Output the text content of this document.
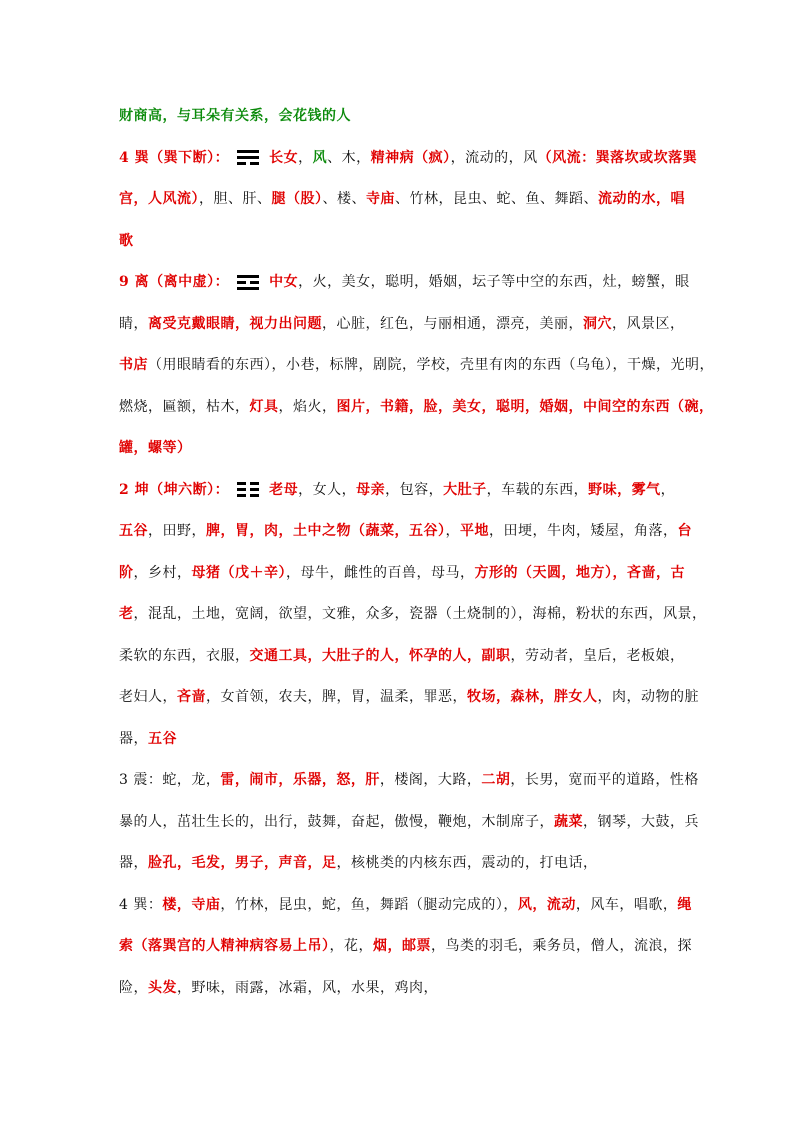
财商高，与耳朵有关系，会花钱的人
4 巽（巽下断）：	长女，风、木，精神病（疯），流动的，风（风流：巽落坎或坎落巽
宫，人风流），胆、肝、腿（股）、楼、寺庙、竹林，昆虫、蛇、鱼、舞蹈、流动的水，唱
歌
9 离（离中虚）：	中女，火，美女，聪明，婚姻，坛子等中空的东西，灶，螃蟹，眼
睛，离受克戴眼睛，视力出问题，心脏，红色，与丽相通，漂亮，美丽，洞穴，风景区，
书店（用眼睛看的东西），小巷，标牌，剧院，学校，壳里有肉的东西（乌龟），干燥，光明，
燃烧，匾额，枯木，灯具，焰火，图片，书籍，脸，美女，聪明，婚姻，中间空的东西（碗，
罐，螺等）
2 坤（坤六断）：	老母，女人，母亲，包容，大肚子，车载的东西，野味，雾气，
五谷，田野，脾，胃，肉，土中之物（蔬菜，五谷），平地，田埂，牛肉，矮屋，角落，台
阶，乡村，母猪（戊＋辛），母牛，雌性的百兽，母马，方形的（天圆，地方），吝啬，古
老，混乱，土地，宽阔，欲望，文雅，众多，瓷器（土烧制的），海棉，粉状的东西，风景，
柔软的东西，衣服，交通工具，大肚子的人，怀孕的人，副职，劳动者，皇后，老板娘，
老妇人，吝啬，女首领，农夫，脾，胃，温柔，罪恶，牧场，森林，胖女人，肉，动物的脏
器，五谷
3 震：蛇，龙，雷，闹市，乐器，怒，肝，楼阁，大路，二胡，长男，宽而平的道路，性格
暴的人，茁壮生长的，出行，鼓舞，奋起，傲慢，鞭炮，木制席子，蔬菜，钢琴，大鼓，兵
器，脸孔，毛发，男子，声音，足，核桃类的内核东西，震动的，打电话，
4 巽：楼，寺庙，竹林，昆虫，蛇，鱼，舞蹈（腿动完成的），风，流动，风车，唱歌，绳
索（落巽宫的人精神病容易上吊），花，烟，邮票，鸟类的羽毛，乘务员，僧人，流浪，探
险，头发，野味，雨露，冰霜，风，水果，鸡肉，
